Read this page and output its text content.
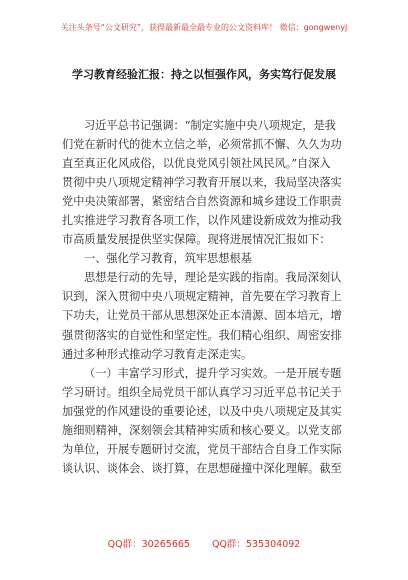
关注头条号“公文研究”，获得最新最全最专业的公文资料库！ 微信：gongwenyj
学习教育经验汇报：持之以恒强作风，务实笃行促发展

习近平总书记强调：“制定实施中央八项规定，是我

们党在新时代的徙木立信之举，必须常抓不懈、久久为功

直至真正化风成俗，以优良党风引领社风民风。”自深入

贯彻中央八项规定精神学习教育开展以来，我局坚决落实

党中央决策部署，紧密结合自然资源和城乡建设工作职责

扎实推进学习教育各项工作，以作风建设新成效为推动我

市高质量发展提供坚实保障。现将进展情况汇报如下：

一、强化学习教育，筑牢思想根基

思想是行动的先导，理论是实践的指南。我局深刻认

识到，深入贯彻中央八项规定精神，首先要在学习教育上

下功夫，让党员干部从思想深处正本清源、固本培元，增

强贯彻落实的自觉性和坚定性。我们精心组织、周密安排

通过多种形式推动学习教育走深走实。

（一）丰富学习形式，提升学习实效。一是开展专题

学习研讨。组织全局党员干部认真学习习近平总书记关于

加强党的作风建设的重要论述，以及中央八项规定及其实

施细则精神，深刻领会其精神实质和核心要义。以党支部

为单位，开展专题研讨交流，党员干部结合自身工作实际

谈认识、谈体会、谈打算，在思想碰撞中深化理解。截至

QQ群：30265665 QQ群：535304092
